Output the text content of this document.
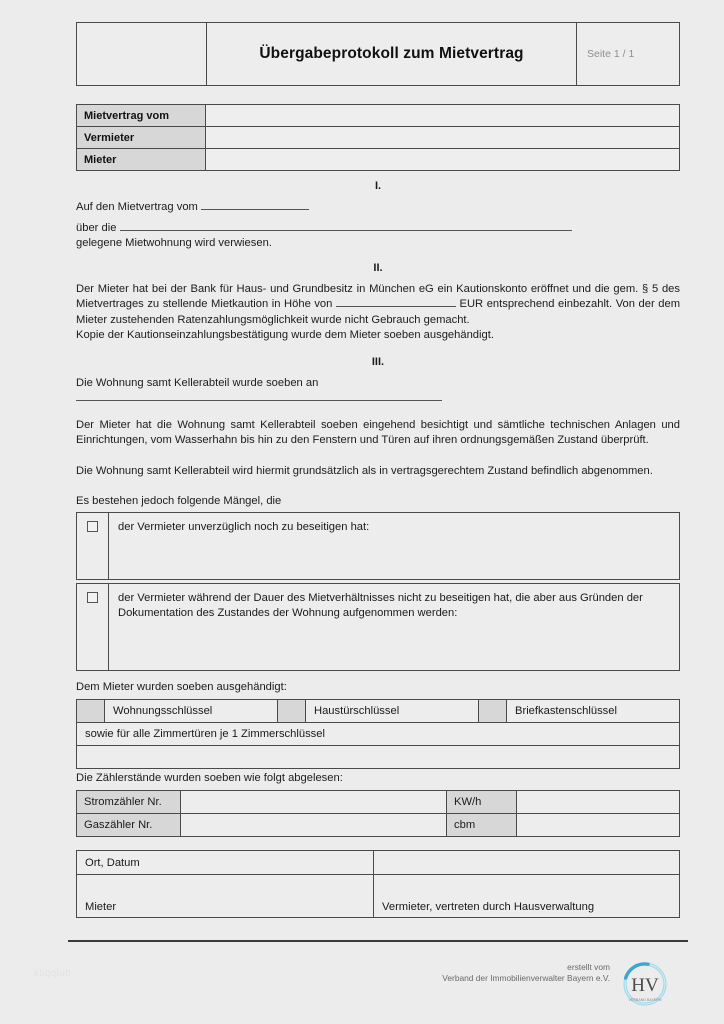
Übergabeprotokoll zum Mietvertrag	Seite 1 / 1
Mietvertrag vom
Vermieter
Mieter
I.
Auf den Mietvertrag vom
über die
gelegene Mietwohnung wird verwiesen.
II.
Der Mieter hat bei der Bank für Haus- und Grundbesitz in München eG ein Kautionskonto eröffnet und die gem. § 5 des Mietvertrages zu stellende Mietkaution in Höhe von	EUR entsprechend einbezahlt. Von der dem Mieter zustehenden Ratenzahlungsmöglichkeit wurde nicht Gebrauch gemacht.
Kopie der Kautionseinzahlungsbestätigung wurde dem Mieter soeben ausgehändigt.
III.
Die Wohnung samt Kellerabteil wurde soeben an
Der Mieter hat die Wohnung samt Kellerabteil soeben eingehend besichtigt und sämtliche technischen Anlagen und Einrichtungen, vom Wasserhahn bis hin zu den Fenstern und Türen auf ihren ordnungsgemäßen Zustand überprüft.
Die Wohnung samt Kellerabteil wird hiermit grundsätzlich als in vertragsgerechtem Zustand befindlich abgenommen.
Es bestehen jedoch folgende Mängel, die
der Vermieter unverzüglich noch zu beseitigen hat:
der Vermieter während der Dauer des Mietverhältnisses nicht zu beseitigen hat, die aber aus Gründen der Dokumentation des Zustandes der Wohnung aufgenommen werden:
Dem Mieter wurden soeben ausgehändigt:
Wohnungsschlüssel	Haustürschlüssel	Briefkastenschlüssel
sowie für alle Zimmertüren je 1 Zimmerschlüssel
Die Zählerstände wurden soeben wie folgt abgelesen:
Stromzähler Nr.	KW/h
Gaszähler Nr.	cbm
Ort, Datum
Mieter	Vermieter, vertreten durch Hausverwaltung
kliqqiub
erstellt vom
Verband der Immobilienverwalter Bayern e.V. HV
VERBAND BAYERN
